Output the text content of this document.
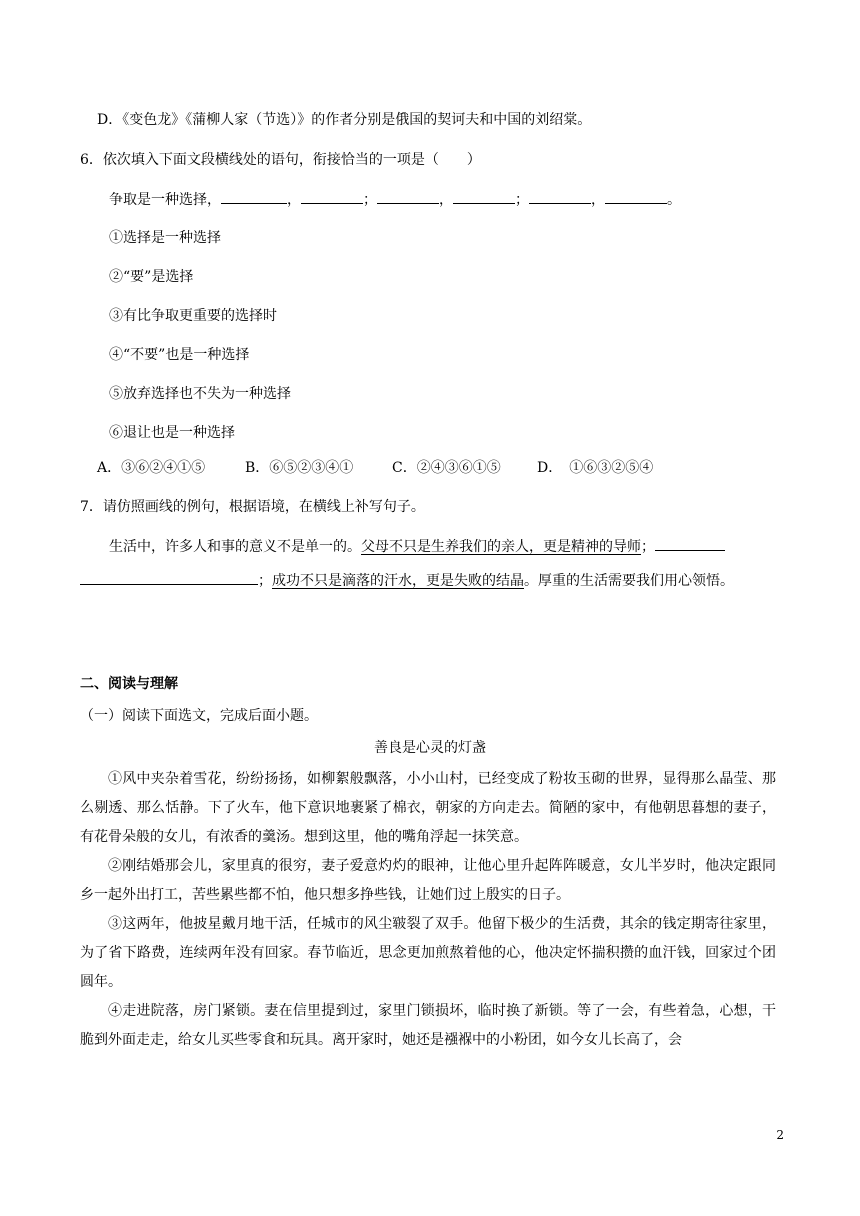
D．《变色龙》《蒲柳人家（节选）》的作者分别是俄国的契诃夫和中国的刘绍棠。
6．依次填入下面文段横线处的语句，衔接恰当的一项是（　　）
争取是一种选择，	，	；	，	；	，	。
①选择是一种选择
②“要”是选择
③有比争取更重要的选择时
④“不要”也是一种选择
⑤放弃选择也不失为一种选择
⑥退让也是一种选择
A．③⑥②④①⑤	B．⑥⑤②③④①	C．②④③⑥①⑤	D．　①⑥③②⑤④
7．请仿照画线的例句，根据语境，在横线上补写句子。
生活中，许多人和事的意义不是单一的。父母不只是生养我们的亲人，更是精神的导师；
；成功不只是滴落的汗水，更是失败的结晶。厚重的生活需要我们用心领悟。
二、阅读与理解
（一）阅读下面选文，完成后面小题。
善良是心灵的灯盏

①风中夹杂着雪花，纷纷扬扬，如柳絮般飘落，小小山村，已经变成了粉妆玉砌的世界，显得那么晶莹、那么剔透、那么恬静。下了火车，他下意识地裹紧了棉衣，朝家的方向走去。简陋的家中，有他朝思暮想的妻子，有花骨朵般的女儿，有浓香的羹汤。想到这里，他的嘴角浮起一抹笑意。

②刚结婚那会儿，家里真的很穷，妻子爱意灼灼的眼神，让他心里升起阵阵暖意，女儿半岁时，他决定跟同乡一起外出打工，苦些累些都不怕，他只想多挣些钱，让她们过上殷实的日子。

③这两年，他披星戴月地干活，任城市的风尘皲裂了双手。他留下极少的生活费，其余的钱定期寄往家里，为了省下路费，连续两年没有回家。春节临近，思念更加煎熬着他的心，他决定怀揣积攒的血汗钱，回家过个团圆年。

④走进院落，房门紧锁。妻在信里提到过，家里门锁损坏，临时换了新锁。等了一会，有些着急，心想，干脆到外面走走，给女儿买些零食和玩具。离开家时，她还是襁褓中的小粉团，如今女儿长高了，会

2
